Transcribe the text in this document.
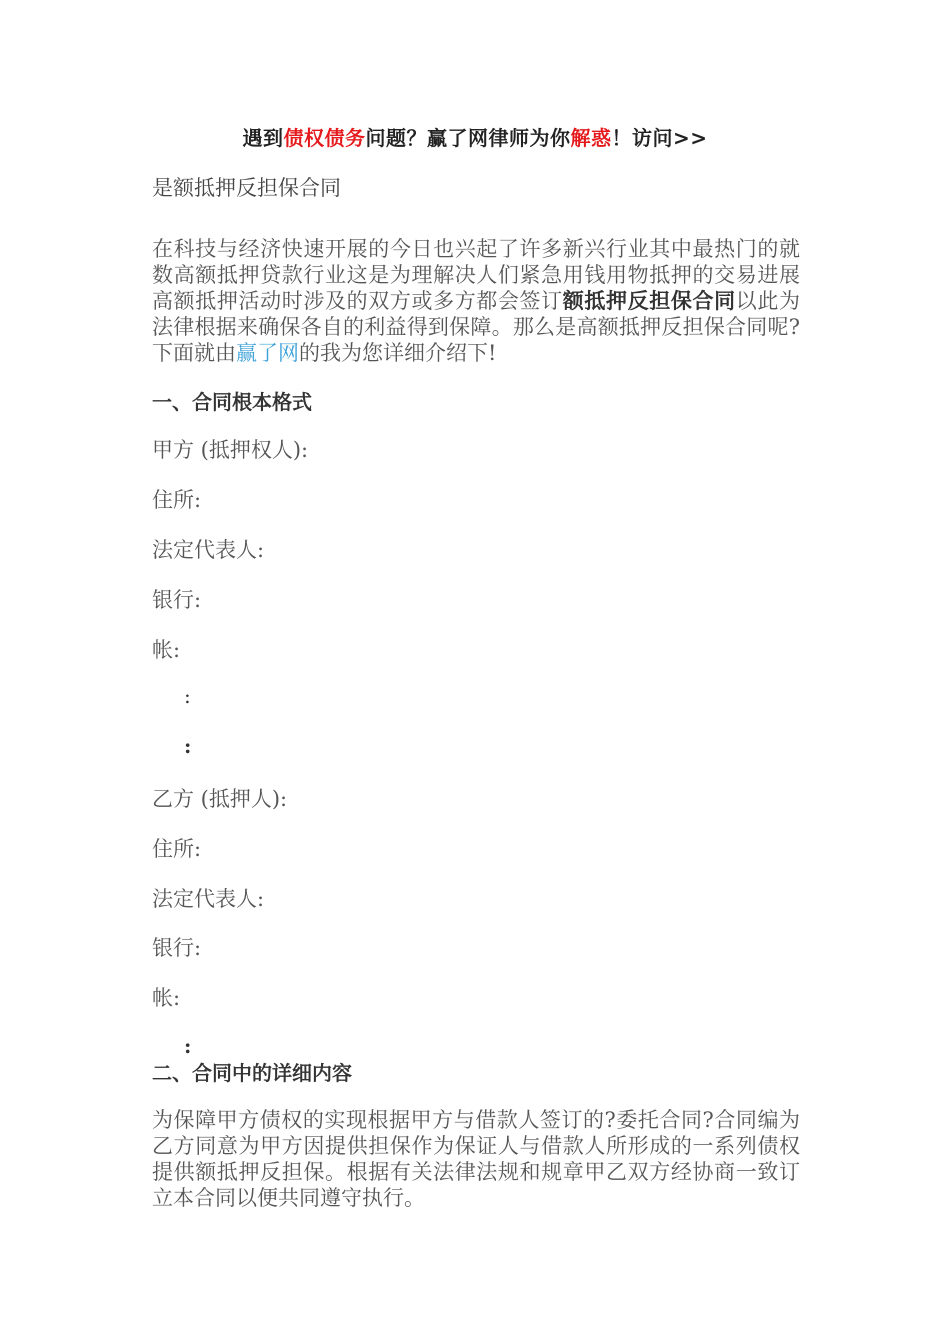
遇到债权债务问题？赢了网律师为你解惑！访问>>
是额抵押反担保合同
在科技与经济快速开展的今日也兴起了许多新兴行业其中最热门的就数高额抵押贷款行业这是为理解决人们紧急用钱用物抵押的交易进展高额抵押活动时涉及的双方或多方都会签订额抵押反担保合同以此为法律根据来确保各自的利益得到保障。那么是高额抵押反担保合同呢?下面就由赢了网的我为您详细介绍下!
一、合同根本格式
甲方 (抵押权人):
住所:
法定代表人:
银行:
帐:
:
:
乙方 (抵押人):
住所:
法定代表人:
银行:
帐:
:
二、合同中的详细内容
为保障甲方债权的实现根据甲方与借款人签订的?委托合同?合同编为 乙方同意为甲方因提供担保作为保证人与借款人所形成的一系列债权提供额抵押反担保。根据有关法律法规和规章甲乙双方经协商一致订立本合同以便共同遵守执行。
